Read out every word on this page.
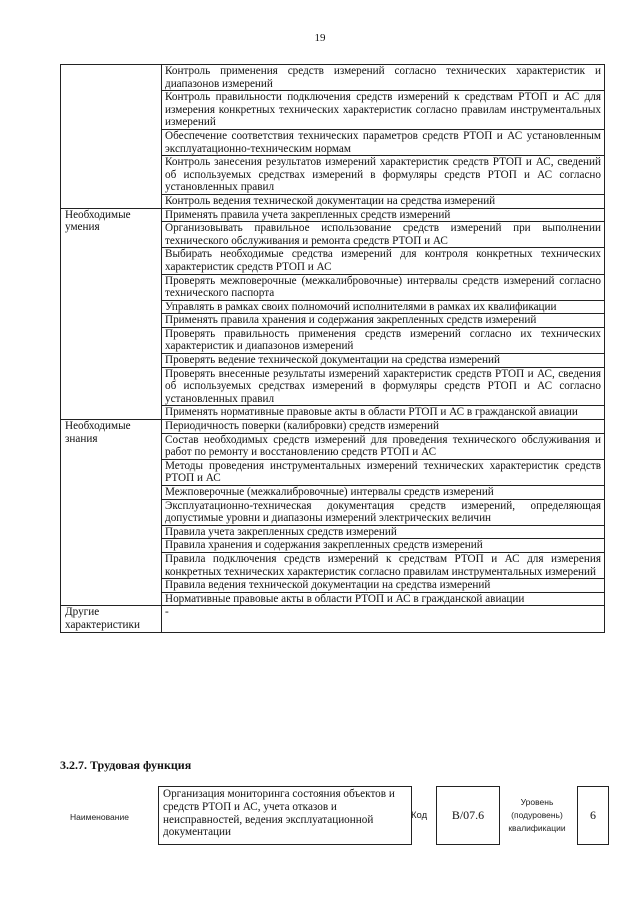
19
	Контроль применения средств измерений согласно технических характеристик и диапазонов измерений
	Контроль правильности подключения средств измерений к средствам РТОП и АС для измерения конкретных технических характеристик согласно правилам инструментальных измерений
	Обеспечение соответствия технических параметров средств РТОП и АС установленным эксплуатационно-техническим нормам
	Контроль занесения результатов измерений характеристик средств РТОП и АС, сведений об используемых средствах измерений в формуляры средств РТОП и АС согласно установленных правил
	Контроль ведения технической документации на средства измерений
Необходимые умения	Применять правила учета закрепленных средств измерений
	Организовывать правильное использование средств измерений при выполнении технического обслуживания и ремонта средств РТОП и АС
	Выбирать необходимые средства измерений для контроля конкретных технических характеристик средств РТОП и АС
	Проверять межповерочные (межкалибровочные) интервалы средств измерений согласно технического паспорта
	Управлять в рамках своих полномочий исполнителями в рамках их квалификации
	Применять правила хранения и содержания закрепленных средств измерений
	Проверять правильность применения средств измерений согласно их технических характеристик и диапазонов измерений
	Проверять ведение технической документации на средства измерений
	Проверять внесенные результаты измерений характеристик средств РТОП и АС, сведения об используемых средствах измерений в формуляры средств РТОП и АС согласно установленных правил
	Применять нормативные правовые акты в области РТОП и АС в гражданской авиации
Необходимые знания	Периодичность поверки (калибровки) средств измерений
	Состав необходимых средств измерений для проведения технического обслуживания и работ по ремонту и восстановлению средств РТОП и АС
	Методы проведения инструментальных измерений технических характеристик средств РТОП и АС
	Межповерочные (межкалибровочные) интервалы средств измерений
	Эксплуатационно-техническая документация средств измерений, определяющая допустимые уровни и диапазоны измерений электрических величин
	Правила учета закрепленных средств измерений
	Правила хранения и содержания закрепленных средств измерений
	Правила подключения средств измерений к средствам РТОП и АС для измерения конкретных технических характеристик согласно правилам инструментальных измерений
	Правила ведения технической документации на средства измерений
	Нормативные правовые акты в области РТОП и АС в гражданской авиации
Другие характеристики	-
3.2.7. Трудовая функция
Наименование
Организация мониторинга состояния объектов и средств РТОП и АС, учета отказов и неисправностей, ведения эксплуатационной документации
Код	В/07.6
Уровень (подуровень) квалификации
6
